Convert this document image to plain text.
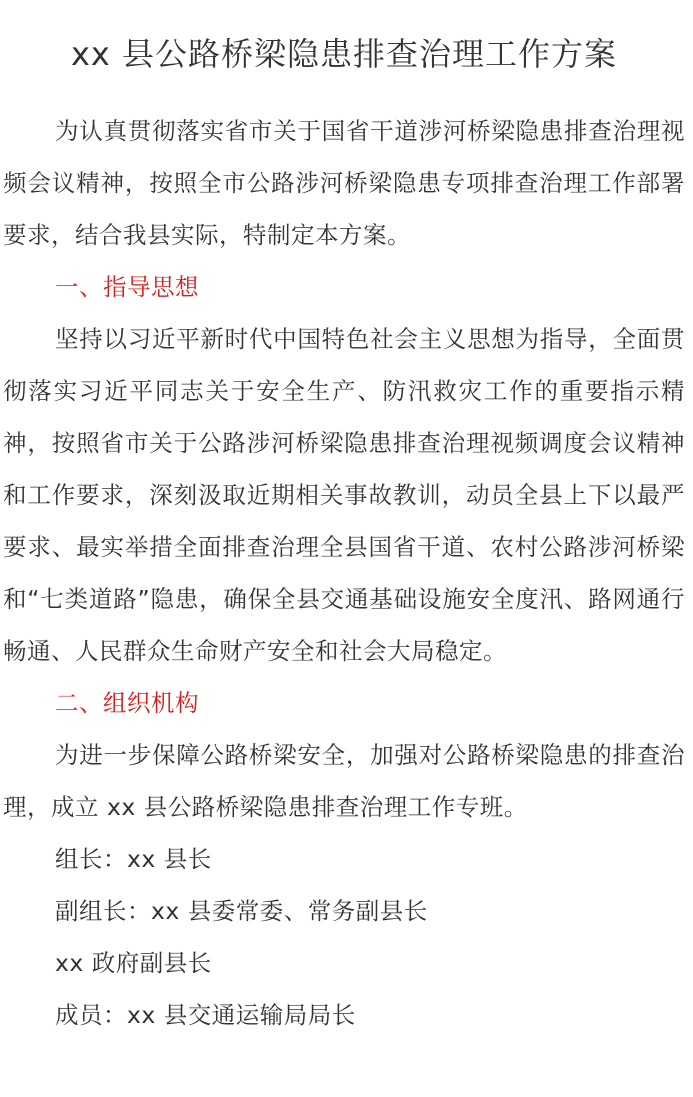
xx 县公路桥梁隐患排查治理工作方案

为认真贯彻落实省市关于国省干道涉河桥梁隐患排查治理视频会议精神，按照全市公路涉河桥梁隐患专项排查治理工作部署要求，结合我县实际，特制定本方案。

一、指导思想

坚持以习近平新时代中国特色社会主义思想为指导，全面贯彻落实习近平同志关于安全生产、防汛救灾工作的重要指示精神，按照省市关于公路涉河桥梁隐患排查治理视频调度会议精神和工作要求，深刻汲取近期相关事故教训，动员全县上下以最严要求、最实举措全面排查治理全县国省干道、农村公路涉河桥梁和“七类道路”隐患，确保全县交通基础设施安全度汛、路网通行畅通、人民群众生命财产安全和社会大局稳定。

二、组织机构

为进一步保障公路桥梁安全，加强对公路桥梁隐患的排查治理，成立 xx 县公路桥梁隐患排查治理工作专班。

组长：xx 县长

副组长：xx 县委常委、常务副县长

xx 政府副县长

成员：xx 县交通运输局局长
